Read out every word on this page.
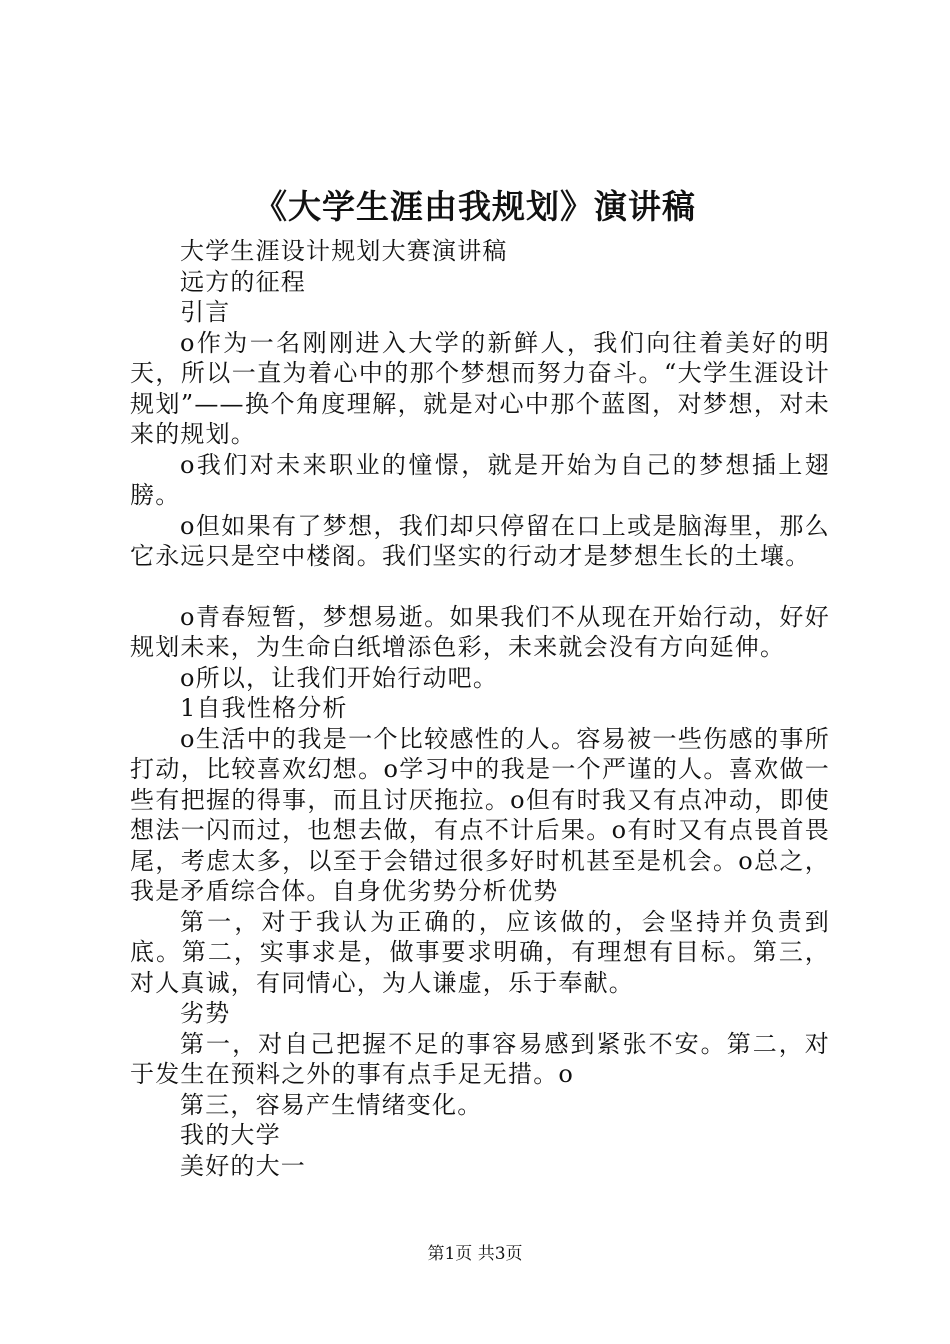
《大学生涯由我规划》演讲稿

大学生涯设计规划大赛演讲稿

远方的征程

引言

o作为一名刚刚进入大学的新鲜人，我们向往着美好的明天，所以一直为着心中的那个梦想而努力奋斗。“大学生涯设计规划”——换个角度理解，就是对心中那个蓝图，对梦想，对未来的规划。

o我们对未来职业的憧憬，就是开始为自己的梦想插上翅膀。

o但如果有了梦想，我们却只停留在口上或是脑海里，那么它永远只是空中楼阁。我们坚实的行动才是梦想生长的土壤。

o青春短暂，梦想易逝。如果我们不从现在开始行动，好好规划未来，为生命白纸增添色彩，未来就会没有方向延伸。

o所以，让我们开始行动吧。

1自我性格分析

o生活中的我是一个比较感性的人。容易被一些伤感的事所打动，比较喜欢幻想。o学习中的我是一个严谨的人。喜欢做一些有把握的得事，而且讨厌拖拉。o但有时我又有点冲动，即使想法一闪而过，也想去做，有点不计后果。o有时又有点畏首畏尾，考虑太多，以至于会错过很多好时机甚至是机会。o总之，我是矛盾综合体。自身优劣势分析优势

第一，对于我认为正确的，应该做的，会坚持并负责到底。第二，实事求是，做事要求明确，有理想有目标。第三，对人真诚，有同情心，为人谦虚，乐于奉献。

劣势

第一，对自己把握不足的事容易感到紧张不安。第二，对于发生在预料之外的事有点手足无措。o

第三，容易产生情绪变化。

我的大学

美好的大一

第1页 共3页
